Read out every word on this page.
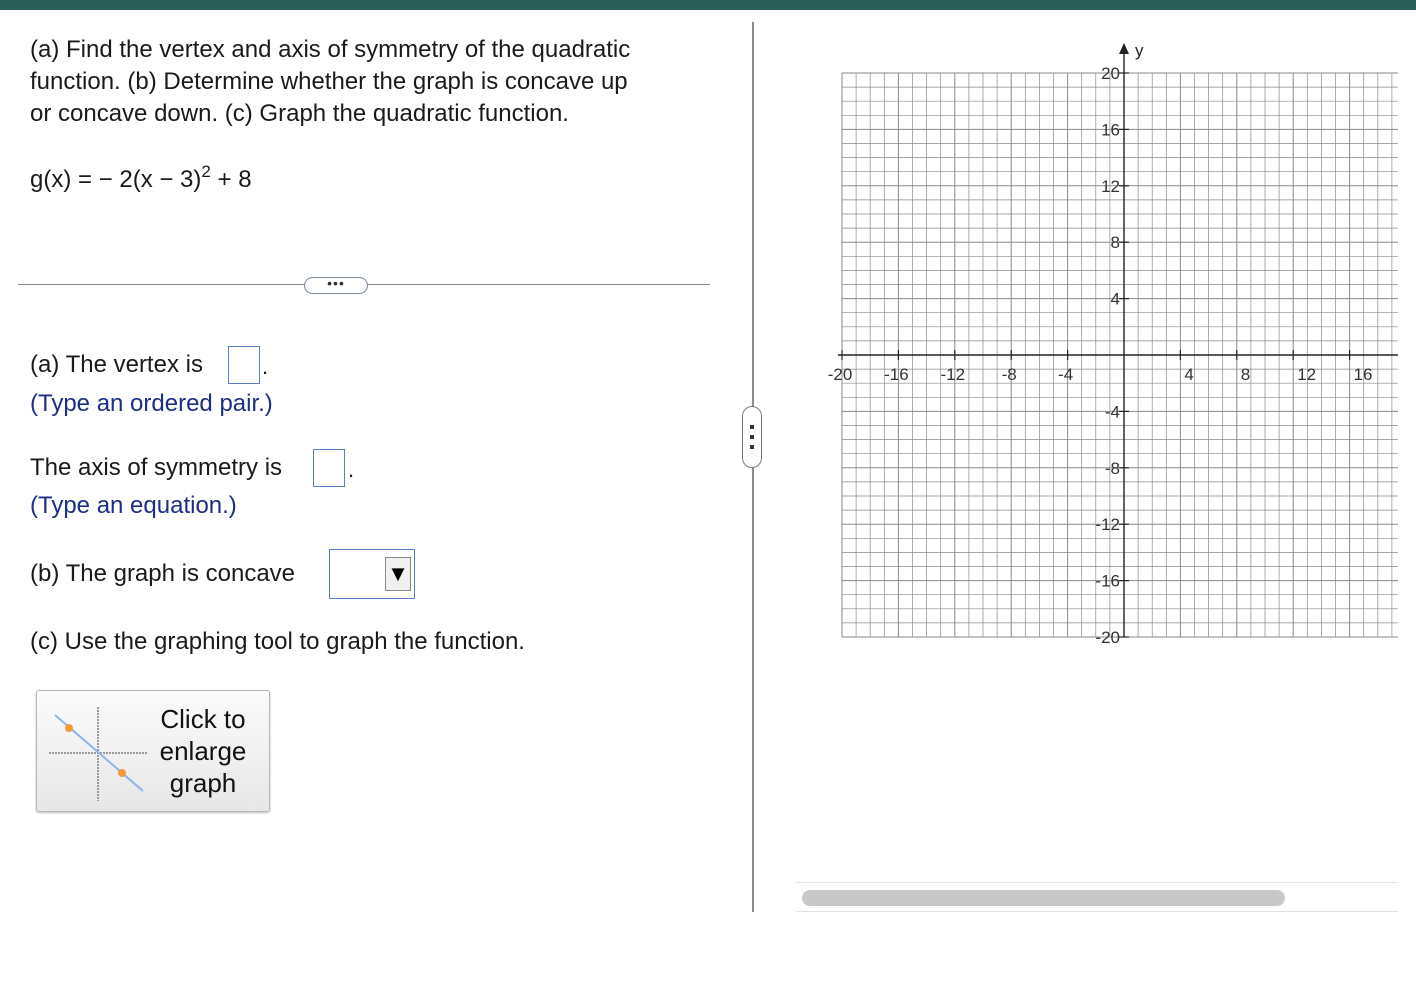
(a) Find the vertex and axis of symmetry of the quadratic
function. (b) Determine whether the graph is concave up
or concave down. (c) Graph the quadratic function.
g(x) = − $2(x - 3)^2 + 8$
•••
(a) The vertex is	.
(Type an ordered pair.)
The axis of symmetry is	.
(Type an equation.)
(b) The graph is concave	▼
(c) Use the graphing tool to graph the function.
Click to enlarge graph
y
-20 -16 -12 -8 -4	4	8	12 16
20
16
12
8
4
-4
-8
-12
-16
-20
